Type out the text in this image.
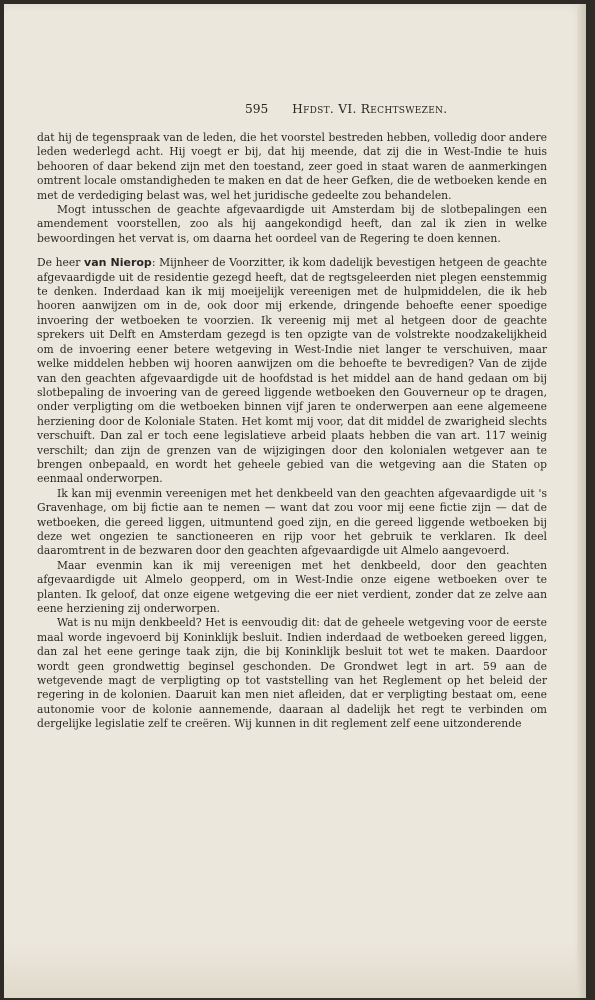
595 Hfdst. VI. Rechtswezen.

dat hij de tegenspraak van de leden, die het voorstel bestreden hebben, volledig door andere leden wederlegd acht. Hij voegt er bij, dat hij meende, dat zij die in West-Indie te huis behooren of daar bekend zijn met den toestand, zeer goed in staat waren de aanmerkingen omtrent locale omstandigheden te maken en dat de heer Gefken, die de wetboeken kende en met de verdediging belast was, wel het juridische gedeelte zou behandelen.

Mogt intusschen de geachte afgevaardigde uit Amsterdam bij de slotbepalingen een amendement voorstellen, zoo als hij aangekondigd heeft, dan zal ik zien in welke bewoordingen het vervat is, om daarna het oordeel van de Regering te doen kennen.

De heer van Nierop: Mijnheer de Voorzitter, ik kom dadelijk bevestigen hetgeen de geachte afgevaardigde uit de residentie gezegd heeft, dat de regtsgeleerden niet plegen eenstemmig te denken. Inderdaad kan ik mij moeijelijk vereenigen met de hulpmiddelen, die ik heb hooren aanwijzen om in de, ook door mij erkende, dringende behoefte eener spoedige invoering der wetboeken te voorzien. Ik vereenig mij met al hetgeen door de geachte sprekers uit Delft en Amsterdam gezegd is ten opzigte van de volstrekte noodzakelijkheid om de invoering eener betere wetgeving in West-Indie niet langer te verschuiven, maar welke middelen hebben wij hooren aanwijzen om die behoefte te bevredigen? Van de zijde van den geachten afgevaardigde uit de hoofdstad is het middel aan de hand gedaan om bij slotbepaling de invoering van de gereed liggende wetboeken den Gouverneur op te dragen, onder verpligting om die wetboeken binnen vijf jaren te onderwerpen aan eene algemeene herziening door de Koloniale Staten. Het komt mij voor, dat dit middel de zwarigheid slechts verschuift. Dan zal er toch eene legislatieve arbeid plaats hebben die van art. 117 weinig verschilt; dan zijn de grenzen van de wijzigingen door den kolonialen wetgever aan te brengen onbepaald, en wordt het geheele gebied van die wetgeving aan die Staten op eenmaal onderworpen.

Ik kan mij evenmin vereenigen met het denkbeeld van den geachten afgevaardigde uit 's Gravenhage, om bij fictie aan te nemen — want dat zou voor mij eene fictie zijn — dat de wetboeken, die gereed liggen, uitmuntend goed zijn, en die gereed liggende wetboeken bij deze wet ongezien te sanctioneeren en rijp voor het gebruik te verklaren. Ik deel daaromtrent in de bezwaren door den geachten afgevaardigde uit Almelo aangevoerd.

Maar evenmin kan ik mij vereenigen met het denkbeeld, door den geachten afgevaardigde uit Almelo geopperd, om in West-Indie onze eigene wetboeken over te planten. Ik geloof, dat onze eigene wetgeving die eer niet verdient, zonder dat ze zelve aan eene herziening zij onderworpen.

Wat is nu mijn denkbeeld? Het is eenvoudig dit: dat de geheele wetgeving voor de eerste maal worde ingevoerd bij Koninklijk besluit. Indien inderdaad de wetboeken gereed liggen, dan zal het eene geringe taak zijn, die bij Koninklijk besluit tot wet te maken. Daardoor wordt geen grondwettig beginsel geschonden. De Grondwet legt in art. 59 aan de wetgevende magt de verpligting op tot vaststelling van het Reglement op het beleid der regering in de kolonien. Daaruit kan men niet afleiden, dat er verpligting bestaat om, eene autonomie voor de kolonie aannemende, daaraan al dadelijk het regt te verbinden om dergelijke legislatie zelf te creëren. Wij kunnen in dit reglement zelf eene uitzonderende
